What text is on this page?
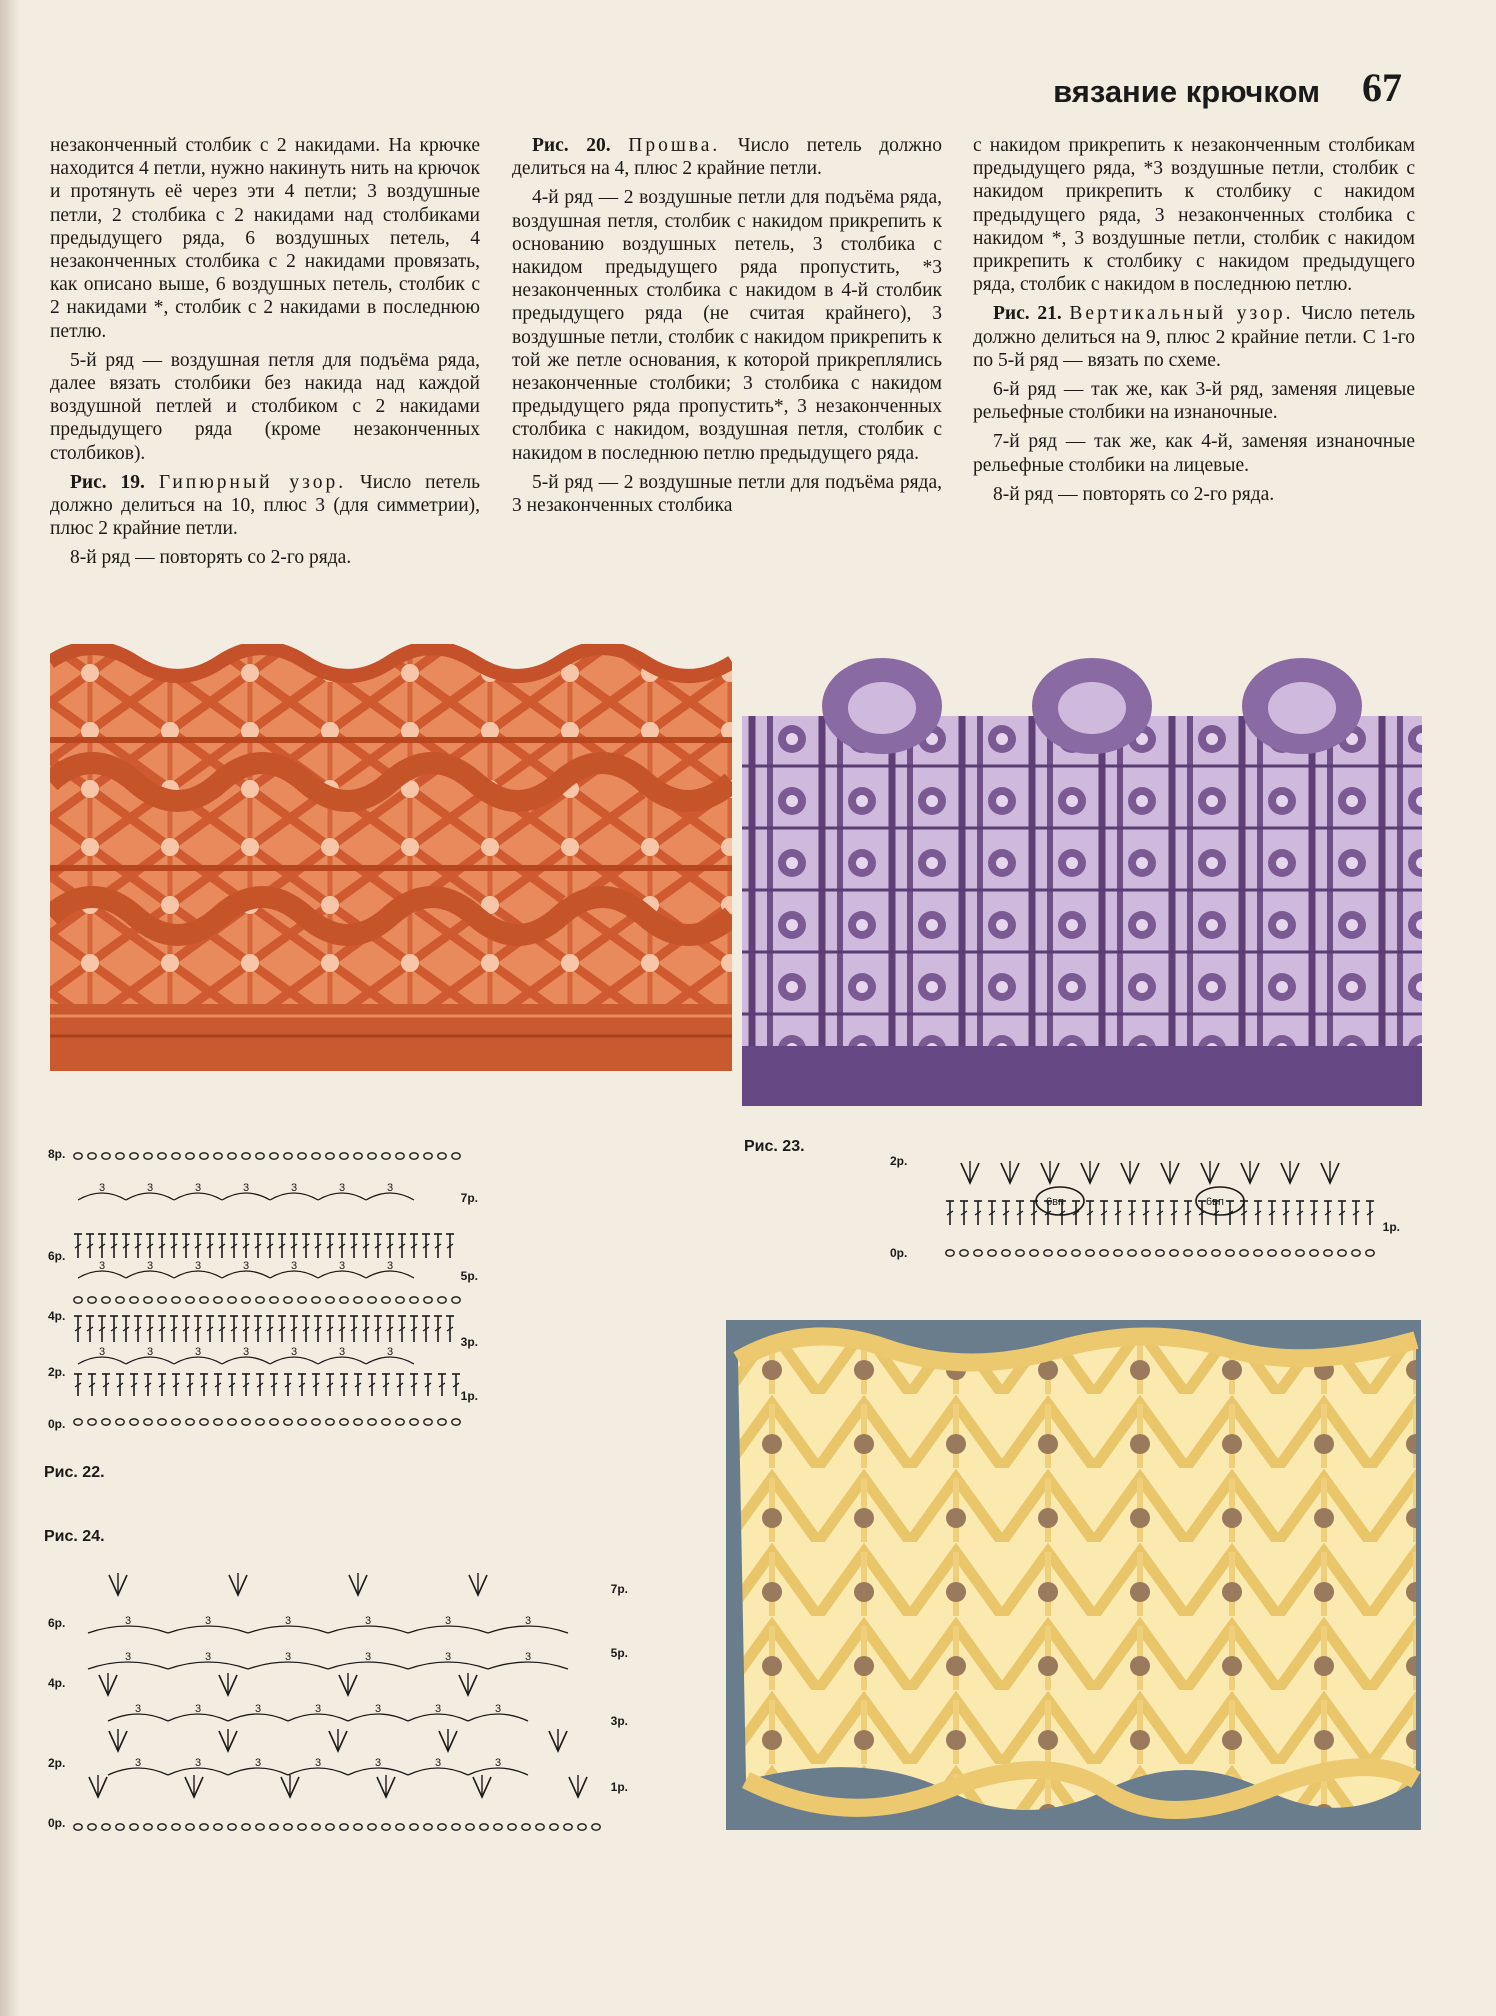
вязание крючком 67

незаконченный столбик с 2 накидами. На крючке находится 4 петли, нужно накинуть нить на крючок и протянуть её через эти 4 петли; 3 воздушные петли, 2 столбика с 2 накидами над столбиками предыдущего ряда, 6 воздушных петель, 4 незаконченных столбика с 2 накидами провязать, как описано выше, 6 воздушных петель, столбик с 2 накидами *, столбик с 2 накидами в последнюю петлю.

5-й ряд — воздушная петля для подъёма ряда, далее вязать столбики без накида над каждой воздушной петлей и столбиком с 2 накидами предыдущего ряда (кроме незаконченных столбиков).

Рис. 19. Гипюрный узор. Число петель должно делиться на 10, плюс 3 (для симметрии), плюс 2 крайние петли.

8-й ряд — повторять со 2-го ряда.

Рис. 20. Прошва. Число петель должно делиться на 4, плюс 2 крайние петли.

4-й ряд — 2 воздушные петли для подъёма ряда, воздушная петля, столбик с накидом прикрепить к основанию воздушных петель, 3 столбика с накидом предыдущего ряда пропустить, *3 незаконченных столбика с накидом в 4-й столбик предыдущего ряда (не считая крайнего), 3 воздушные петли, столбик с накидом прикрепить к той же петле основания, к которой прикреплялись незаконченные столбики; 3 столбика с накидом предыдущего ряда пропустить*, 3 незаконченных столбика с накидом, воздушная петля, столбик с накидом в последнюю петлю предыдущего ряда.

5-й ряд — 2 воздушные петли для подъёма ряда, 3 незаконченных столбика

с накидом прикрепить к незаконченным столбикам предыдущего ряда, *3 воздушные петли, столбик с накидом прикрепить к столбику с накидом предыдущего ряда, 3 незаконченных столбика с накидом *, 3 воздушные петли, столбик с накидом прикрепить к столбику с накидом предыдущего ряда, столбик с накидом в последнюю петлю.

Рис. 21. Вертикальный узор. Число петель должно делиться на 9, плюс 2 крайние петли. С 1-го по 5-й ряд — вязать по схеме.

6-й ряд — так же, как 3-й ряд, заменяя лицевые рельефные столбики на изнаночные.

7-й ряд — так же, как 4-й, заменяя изнаночные рельефные столбики на лицевые.

8-й ряд — повторять со 2-го ряда.

3	3	3	3	3	3	3
3	3	3	3	3	3	3
3	3	3	3	3	3	3
8р.
6р.
4р.
2р.
0р.
7р.
5р.
3р.
1р.
Рис. 22.
Рис. 23.
6вп	6вп
2р.
0р.
1р.
Рис. 24.
3	3	3	3	3	3	3
3	3	3	3	3	3	3
3	3	3	3	3	3
3	3	3	3	3	3
6р.
4р.
2р.
0р.
7р.
5р.
3р.
1р.
